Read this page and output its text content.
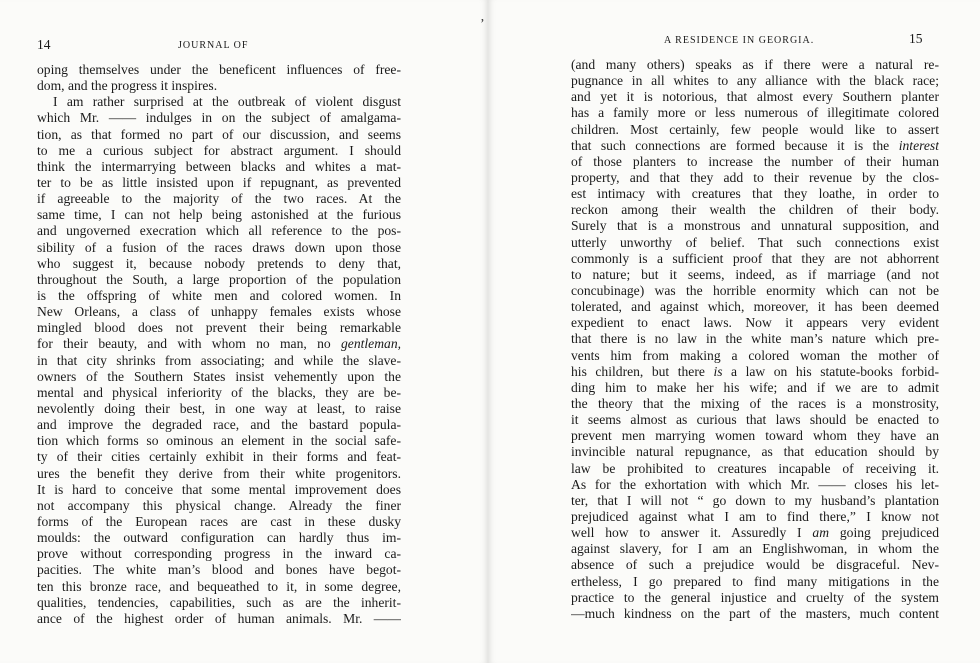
14	JOURNAL OF
oping themselves under the beneficent influences of free-
dom, and the progress it inspires.
I am rather surprised at the outbreak of violent disgust
which Mr. —— indulges in on the subject of amalgama-
tion, as that formed no part of our discussion, and seems
to me a curious subject for abstract argument. I should
think the intermarrying between blacks and whites a mat-
ter to be as little insisted upon if repugnant, as prevented
if agreeable to the majority of the two races. At the
same time, I can not help being astonished at the furious
and ungoverned execration which all reference to the pos-
sibility of a fusion of the races draws down upon those
who suggest it, because nobody pretends to deny that,
throughout the South, a large proportion of the population
is the offspring of white men and colored women. In
New Orleans, a class of unhappy females exists whose
mingled blood does not prevent their being remarkable
for their beauty, and with whom no man, no gentleman,
in that city shrinks from associating; and while the slave-
owners of the Southern States insist vehemently upon the
mental and physical inferiority of the blacks, they are be-
nevolently doing their best, in one way at least, to raise
and improve the degraded race, and the bastard popula-
tion which forms so ominous an element in the social safe-
ty of their cities certainly exhibit in their forms and feat-
ures the benefit they derive from their white progenitors.
It is hard to conceive that some mental improvement does
not accompany this physical change. Already the finer
forms of the European races are cast in these dusky
moulds: the outward configuration can hardly thus im-
prove without corresponding progress in the inward ca-
pacities. The white man’s blood and bones have begot-
ten this bronze race, and bequeathed to it, in some degree,
qualities, tendencies, capabilities, such as are the inherit-
ance of the highest order of human animals. Mr. ——
A RESIDENCE IN GEORGIA.	15
’
(and many others) speaks as if there were a natural re-
pugnance in all whites to any alliance with the black race;
and yet it is notorious, that almost every Southern planter
has a family more or less numerous of illegitimate colored
children. Most certainly, few people would like to assert
that such connections are formed because it is the interest
of those planters to increase the number of their human
property, and that they add to their revenue by the clos-
est intimacy with creatures that they loathe, in order to
reckon among their wealth the children of their body.
Surely that is a monstrous and unnatural supposition, and
utterly unworthy of belief. That such connections exist
commonly is a sufficient proof that they are not abhorrent
to nature; but it seems, indeed, as if marriage (and not
concubinage) was the horrible enormity which can not be
tolerated, and against which, moreover, it has been deemed
expedient to enact laws. Now it appears very evident
that there is no law in the white man’s nature which pre-
vents him from making a colored woman the mother of
his children, but there is a law on his statute-books forbid-
ding him to make her his wife; and if we are to admit
the theory that the mixing of the races is a monstrosity,
it seems almost as curious that laws should be enacted to
prevent men marrying women toward whom they have an
invincible natural repugnance, as that education should by
law be prohibited to creatures incapable of receiving it.
As for the exhortation with which Mr. —— closes his let-
ter, that I will not “ go down to my husband’s plantation
prejudiced against what I am to find there,” I know not
well how to answer it. Assuredly I am going prejudiced
against slavery, for I am an Englishwoman, in whom the
absence of such a prejudice would be disgraceful. Nev-
ertheless, I go prepared to find many mitigations in the
practice to the general injustice and cruelty of the system
—much kindness on the part of the masters, much content
